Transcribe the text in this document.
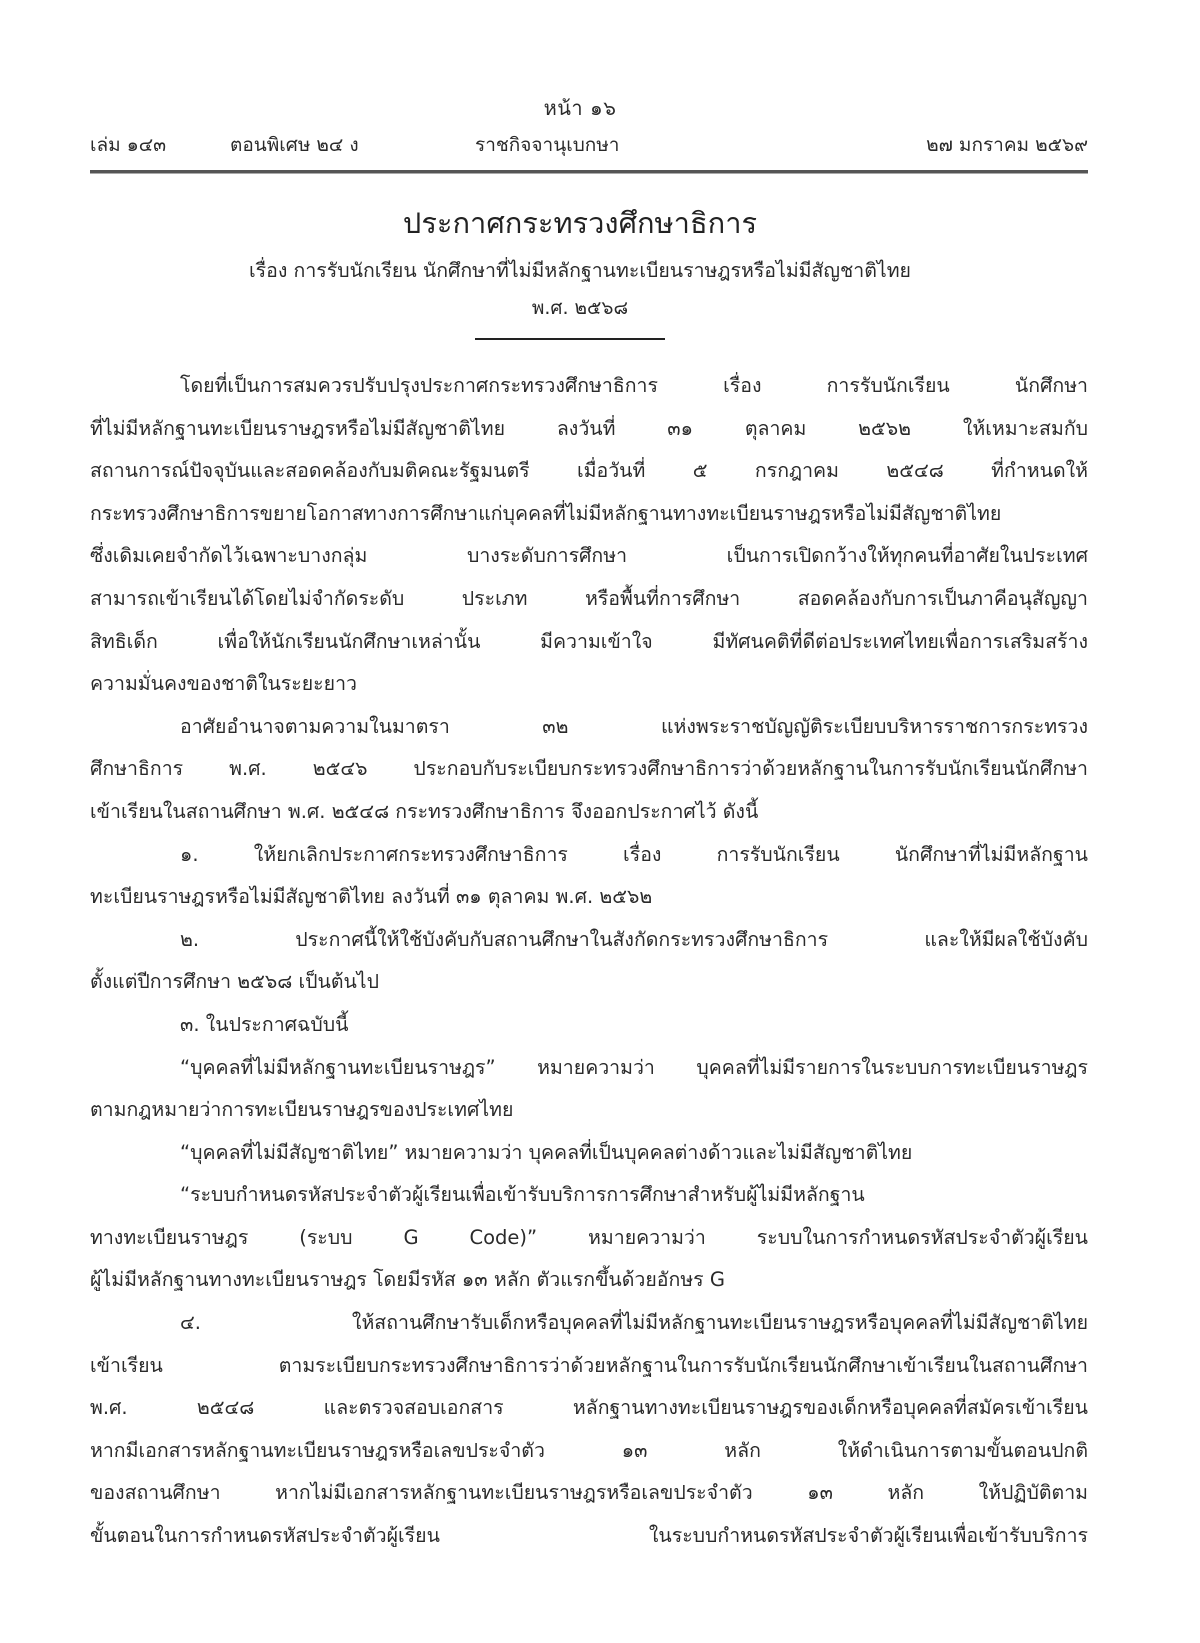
หน้า ๑๖
เล่ม ๑๔๓	ตอนพิเศษ ๒๔ ง	ราชกิจจานุเบกษา	๒๗ มกราคม ๒๕๖๙
ประกาศกระทรวงศึกษาธิการ
เรื่อง การรับนักเรียน นักศึกษาที่ไม่มีหลักฐานทะเบียนราษฎรหรือไม่มีสัญชาติไทย
พ.ศ. ๒๕๖๘
โดยที่เป็นการสมควรปรับปรุงประกาศกระทรวงศึกษาธิการ เรื่อง การรับนักเรียน นักศึกษา
ที่ไม่มีหลักฐานทะเบียนราษฎรหรือไม่มีสัญชาติไทย ลงวันที่ ๓๑ ตุลาคม ๒๕๖๒ ให้เหมาะสมกับ
สถานการณ์ปัจจุบันและสอดคล้องกับมติคณะรัฐมนตรี เมื่อวันที่ ๕ กรกฎาคม ๒๕๔๘ ที่กำหนดให้
กระทรวงศึกษาธิการขยายโอกาสทางการศึกษาแก่บุคคลที่ไม่มีหลักฐานทางทะเบียนราษฎรหรือไม่มีสัญชาติไทย
ซึ่งเดิมเคยจำกัดไว้เฉพาะบางกลุ่ม บางระดับการศึกษา เป็นการเปิดกว้างให้ทุกคนที่อาศัยในประเทศ
สามารถเข้าเรียนได้โดยไม่จำกัดระดับ ประเภท หรือพื้นที่การศึกษา สอดคล้องกับการเป็นภาคีอนุสัญญา
สิทธิเด็ก เพื่อให้นักเรียนนักศึกษาเหล่านั้น มีความเข้าใจ มีทัศนคติที่ดีต่อประเทศไทยเพื่อการเสริมสร้าง
ความมั่นคงของชาติในระยะยาว
อาศัยอำนาจตามความในมาตรา ๓๒ แห่งพระราชบัญญัติระเบียบบริหารราชการกระทรวง
ศึกษาธิการ พ.ศ. ๒๕๔๖ ประกอบกับระเบียบกระทรวงศึกษาธิการว่าด้วยหลักฐานในการรับนักเรียนนักศึกษา
เข้าเรียนในสถานศึกษา พ.ศ. ๒๕๔๘ กระทรวงศึกษาธิการ จึงออกประกาศไว้ ดังนี้
๑. ให้ยกเลิกประกาศกระทรวงศึกษาธิการ เรื่อง การรับนักเรียน นักศึกษาที่ไม่มีหลักฐาน
ทะเบียนราษฎรหรือไม่มีสัญชาติไทย ลงวันที่ ๓๑ ตุลาคม พ.ศ. ๒๕๖๒
๒. ประกาศนี้ให้ใช้บังคับกับสถานศึกษาในสังกัดกระทรวงศึกษาธิการ และให้มีผลใช้บังคับ
ตั้งแต่ปีการศึกษา ๒๕๖๘ เป็นต้นไป
๓. ในประกาศฉบับนี้
“บุคคลที่ไม่มีหลักฐานทะเบียนราษฎร” หมายความว่า บุคคลที่ไม่มีรายการในระบบการทะเบียนราษฎร
ตามกฎหมายว่าการทะเบียนราษฎรของประเทศไทย
“บุคคลที่ไม่มีสัญชาติไทย” หมายความว่า บุคคลที่เป็นบุคคลต่างด้าวและไม่มีสัญชาติไทย
“ระบบกำหนดรหัสประจำตัวผู้เรียนเพื่อเข้ารับบริการการศึกษาสำหรับผู้ไม่มีหลักฐาน
ทางทะเบียนราษฎร (ระบบ G Code)” หมายความว่า ระบบในการกำหนดรหัสประจำตัวผู้เรียน
ผู้ไม่มีหลักฐานทางทะเบียนราษฎร โดยมีรหัส ๑๓ หลัก ตัวแรกขึ้นด้วยอักษร G
๔. ให้สถานศึกษารับเด็กหรือบุคคลที่ไม่มีหลักฐานทะเบียนราษฎรหรือบุคคลที่ไม่มีสัญชาติไทย
เข้าเรียน ตามระเบียบกระทรวงศึกษาธิการว่าด้วยหลักฐานในการรับนักเรียนนักศึกษาเข้าเรียนในสถานศึกษา
พ.ศ. ๒๕๔๘ และตรวจสอบเอกสาร หลักฐานทางทะเบียนราษฎรของเด็กหรือบุคคลที่สมัครเข้าเรียน
หากมีเอกสารหลักฐานทะเบียนราษฎรหรือเลขประจำตัว ๑๓ หลัก ให้ดำเนินการตามขั้นตอนปกติ
ของสถานศึกษา หากไม่มีเอกสารหลักฐานทะเบียนราษฎรหรือเลขประจำตัว ๑๓ หลัก ให้ปฏิบัติตาม
ขั้นตอนในการกำหนดรหัสประจำตัวผู้เรียน ในระบบกำหนดรหัสประจำตัวผู้เรียนเพื่อเข้ารับบริการ
